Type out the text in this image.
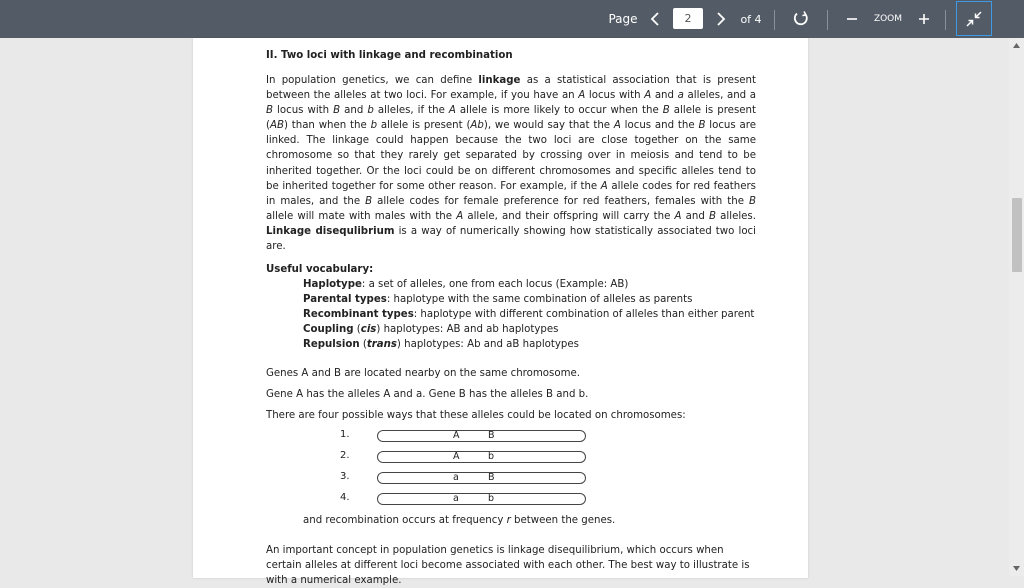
Page	2	of 4	ZOOM

II. Two loci with linkage and recombination

In population genetics, we can define linkage as a statistical association that is present between the alleles at two loci. For example, if you have an A locus with A and a alleles, and a B locus with B and b alleles, if the A allele is more likely to occur when the B allele is present (AB) than when the b allele is present (Ab), we would say that the A locus and the B locus are linked. The linkage could happen because the two loci are close together on the same chromosome so that they rarely get separated by crossing over in meiosis and tend to be inherited together. Or the loci could be on different chromosomes and specific alleles tend to be inherited together for some other reason. For example, if the A allele codes for red feathers in males, and the B allele codes for female preference for red feathers, females with the B allele will mate with males with the A allele, and their offspring will carry the A and B alleles. Linkage disequlibrium is a way of numerically showing how statistically associated two loci are.

Useful vocabulary:

Haplotype: a set of alleles, one from each locus (Example: AB)

Parental types: haplotype with the same combination of alleles as parents

Recombinant types: haplotype with different combination of alleles than either parent

Coupling (cis) haplotypes: AB and ab haplotypes

Repulsion (trans) haplotypes: Ab and aB haplotypes

Genes A and B are located nearby on the same chromosome.

Gene A has the alleles A and a. Gene B has the alleles B and b.

There are four possible ways that these alleles could be located on chromosomes:

1.	A	B
2.	A	b
3.	a	B
4.	a	b

and recombination occurs at frequency r between the genes.

An important concept in population genetics is linkage disequilibrium, which occurs when certain alleles at different loci become associated with each other. The best way to illustrate is with a numerical example.
